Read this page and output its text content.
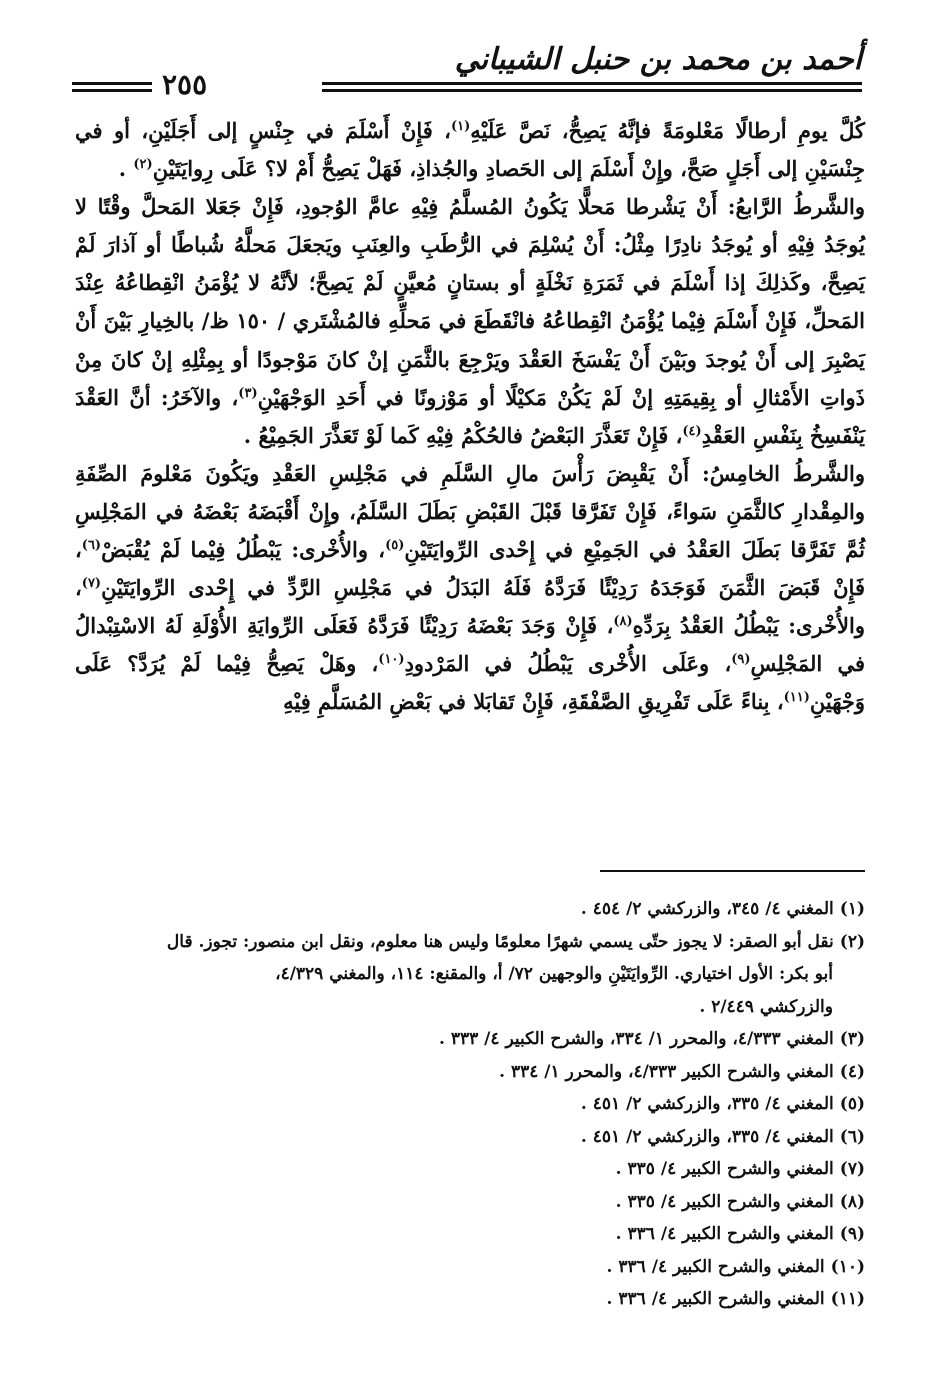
أحمد بن محمد بن حنبل الشيباني
٢٥٥

كُلَّ يومِ أرطالًا مَعْلومَةً فإنَّهُ يَصِحُّ، نَصَّ عَلَيْهِ$^{(١)}$، فَإِنْ أَسْلَمَ في جِنْسٍ إلى أَجَلَيْنِ، أو في جِنْسَيْنِ إلى أَجَلٍ صَحَّ، وإِنْ أَسْلَمَ إلى الحَصادِ والجُذاذِ، فَهَلْ يَصِحُّ أَمْ لا؟ عَلَى رِوايَتَيْنِ$^{(٢)}$ .

والشَّرطُ الرَّابعُ: أَنْ يَشْرطا مَحلًّا يَكُونُ المُسلَّمُ فِيْهِ عامَّ الوُجودِ، فَإِنْ جَعَلا المَحلَّ وقْتًا لا يُوجَدُ فِيْهِ أو يُوجَدُ نادِرًا مِثْلُ: أَنْ يُسْلِمَ في الرُّطَبِ والعِنَبِ ويَجعَلَ مَحلَّهُ شُباطًا أو آذارَ لَمْ يَصِحَّ، وكَذلِكَ إذا أَسْلَمَ في ثَمَرَةِ نَخْلَةٍ أو بستانٍ مُعيَّنٍ لَمْ يَصِحَّ؛ لأنَّهُ لا يُؤْمَنُ انْقِطاعُهُ عِنْدَ المَحلِّ، فَإِنْ أَسْلَمَ فِيْما يُؤْمَنُ انْقِطاعُهُ فانْقَطَعَ في مَحلِّهِ فالمُشْتَري / ١٥٠ ظ/ بالخِيارِ بَيْنَ أَنْ يَصْبِرَ إلى أَنْ يُوجدَ وبَيْنَ أَنْ يَفْسَخَ العَقْدَ ويَرْجِعَ بالثَّمَنِ إنْ كانَ مَوْجودًا أو بِمِثْلِهِ إنْ كانَ مِنْ ذَواتِ الأَمْثالِ أو بِقِيمَتِهِ إنْ لَمْ يَكُنْ مَكيْلًا أو مَوْزونًا في أَحَدِ الوَجْهَيْنِ$^{(٣)}$، والآخَرُ: أنَّ العَقْدَ يَنْفَسِخُ بِنَفْسِ العَقْدِ$^{(٤)}$، فَإِنْ تَعَذَّرَ البَعْضُ فالحُكْمُ فِيْهِ كَما لَوْ تَعَذَّرَ الجَمِيْعُ .

والشَّرطُ الخامِسُ: أَنْ يَقْبِضَ رَأْسَ مالِ السَّلَمِ في مَجْلِسِ العَقْدِ ويَكُونَ مَعْلومَ الصِّفَةِ والمِقْدارِ كالثَّمَنِ سَواءً، فَإِنْ تَفَرَّقا قَبْلَ القَبْضِ بَطَلَ السَّلَمُ، وإِنْ أَقْبَضَهُ بَعْضَهُ في المَجْلِسِ ثُمَّ تَفَرَّقا بَطَلَ العَقْدُ في الجَمِيْعِ في إِحْدى الرِّوايَتَيْنِ$^{(٥)}$، والأُخْرى: يَبْطُلُ فِيْما لَمْ يُقْبَضْ$^{(٦)}$، فَإِنْ قَبَضَ الثَّمَنَ فَوَجَدَهُ رَدِيْئًا فَرَدَّهُ فَلَهُ البَدَلُ في مَجْلِسِ الرَّدِّ في إِحْدى الرِّوايَتَيْنِ$^{(٧)}$، والأُخْرى: يَبْطُلُ العَقْدُ بِرَدِّهِ$^{(٨)}$، فَإِنْ وَجَدَ بَعْضَهُ رَدِيْئًا فَرَدَّهُ فَعَلَى الرِّوايَةِ الأُوْلَةِ لَهُ الاسْتِبْدالُ في المَجْلِسِ$^{(٩)}$، وعَلَى الأُخْرى يَبْطُلُ في المَرْدودِ$^{(١٠)}$، وهَلْ يَصِحُّ فِيْما لَمْ يُرَدَّ؟ عَلَى وَجْهَيْنِ$^{(١١)}$، بِناءً عَلَى تَفْرِيقِ الصَّفْقَةِ، فَإِنْ تَقابَلا في بَعْضِ المُسَلَّمِ فِيْهِ

(١)المغني ٤/ ٣٤٥، والزركشي ٢/ ٤٥٤ .

(٢)نقل أبو الصقر: لا يجوز حتّى يسمي شهرًا معلومًا وليس هنا معلوم، ونقل ابن منصور: تجوز. قال

أبو بكر: الأول اختياري. الرِّوايَتَيْنِ والوجهين ٧٢/ أ، والمقنع: ١١٤، والمغني ٤/٣٢٩،

والزركشي ٢/٤٤٩ .

(٣)المغني ٤/٣٣٣، والمحرر ١/ ٣٣٤، والشرح الكبير ٤/ ٣٣٣ .

(٤)المغني والشرح الكبير ٤/٣٣٣، والمحرر ١/ ٣٣٤ .

(٥)المغني ٤/ ٣٣٥، والزركشي ٢/ ٤٥١ .

(٦)المغني ٤/ ٣٣٥، والزركشي ٢/ ٤٥١ .

(٧)المغني والشرح الكبير ٤/ ٣٣٥ .

(٨)المغني والشرح الكبير ٤/ ٣٣٥ .

(٩)المغني والشرح الكبير ٤/ ٣٣٦ .

(١٠)المغني والشرح الكبير ٤/ ٣٣٦ .

(١١)المغني والشرح الكبير ٤/ ٣٣٦ .
